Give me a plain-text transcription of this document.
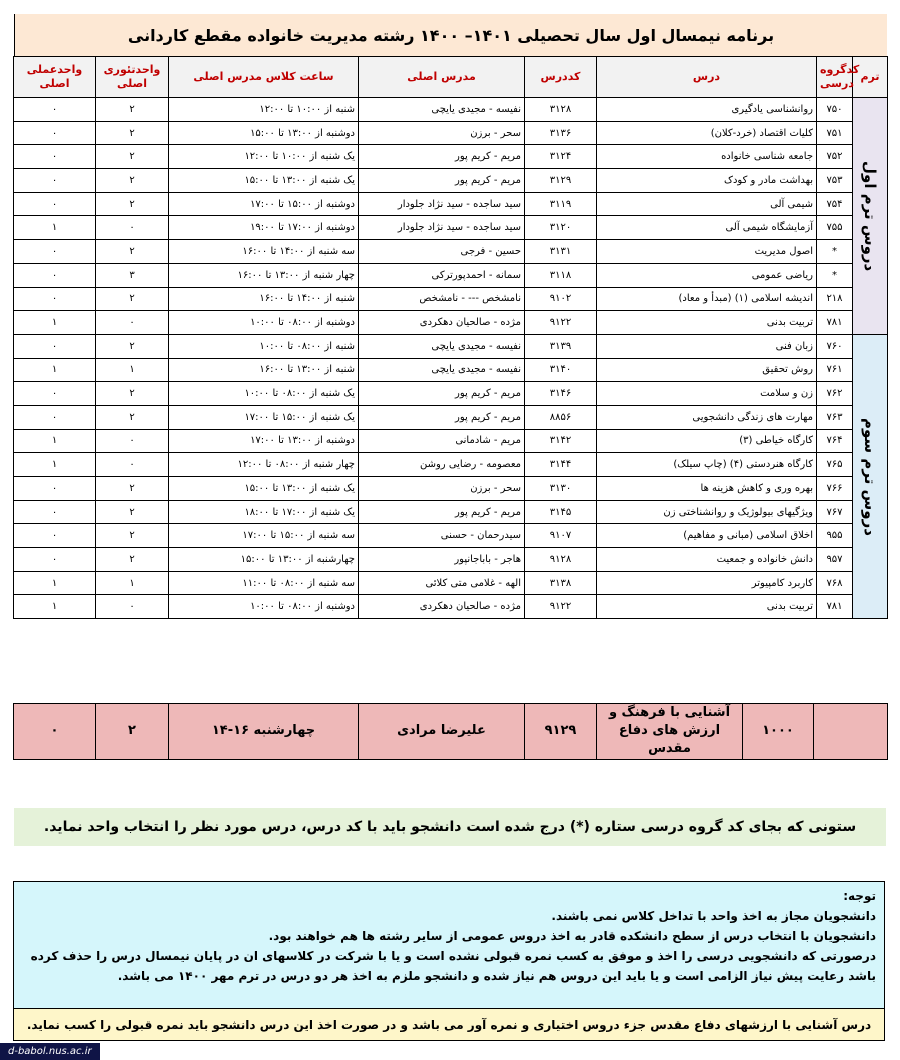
برنامه نیمسال اول سال تحصیلی ۱۴۰۱– ۱۴۰۰ رشته مدیریت خانواده مقطع کاردانی
واحدعملی اصلی	واحدتئوری اصلی	ساعت کلاس مدرس اصلی	مدرس اصلی	کددرس	درس	کدگروه درسی	ترم
۰	۲	شنبه از ۱۰:۰۰ تا ۱۲:۰۰	نفیسه - مجیدی یایچی	۳۱۲۸	روانشناسی یادگیری	۷۵۰	دروس ترم اول

۰	۲	دوشنبه از ۱۳:۰۰ تا ۱۵:۰۰	سحر - برزن	۳۱۳۶	کلیات اقتصاد (خرد-کلان)	۷۵۱	
۰	۲	یک شنبه از ۱۰:۰۰ تا ۱۲:۰۰	مریم - کریم پور	۳۱۲۴	جامعه شناسی خانواده	۷۵۲	
۰	۲	یک شنبه از ۱۳:۰۰ تا ۱۵:۰۰	مریم - کریم پور	۳۱۲۹	بهداشت مادر و کودک	۷۵۳	
۰	۲	دوشنبه از ۱۵:۰۰ تا ۱۷:۰۰	سید ساجده - سید نژاد جلودار	۳۱۱۹	شیمی آلی	۷۵۴	
۱	۰	دوشنبه از ۱۷:۰۰ تا ۱۹:۰۰	سید ساجده - سید نژاد جلودار	۳۱۲۰	آزمایشگاه شیمی آلی	۷۵۵	
۰	۲	سه شنبه از ۱۴:۰۰ تا ۱۶:۰۰	حسین - فرجی	۳۱۳۱	اصول مدیریت	*	
۰	۳	چهار شنبه از ۱۳:۰۰ تا ۱۶:۰۰	سمانه - احمدپورترکی	۳۱۱۸	ریاضی عمومی	*	
۰	۲	شنبه از ۱۴:۰۰ تا ۱۶:۰۰	نامشخص --- - نامشخص	۹۱۰۲	اندیشه اسلامی (۱) (مبدأ و معاد)	۲۱۸	
۱	۰	دوشنبه از ۰۸:۰۰ تا ۱۰:۰۰	مژده - صالحیان دهکردی	۹۱۲۲	تربیت بدنی	۷۸۱	
۰	۲	شنبه از ۰۸:۰۰ تا ۱۰:۰۰	نفیسه - مجیدی یایچی	۳۱۳۹	زبان فنی	۷۶۰	دروس ترم سوم

۱	۱	شنبه از ۱۳:۰۰ تا ۱۶:۰۰	نفیسه - مجیدی یایچی	۳۱۴۰	روش تحقیق	۷۶۱	
۰	۲	یک شنبه از ۰۸:۰۰ تا ۱۰:۰۰	مریم - کریم پور	۳۱۴۶	زن و سلامت	۷۶۲	
۰	۲	یک شنبه از ۱۵:۰۰ تا ۱۷:۰۰	مریم - کریم پور	۸۸۵۶	مهارت های زندگی دانشجویی	۷۶۳	
۱	۰	دوشنبه از ۱۳:۰۰ تا ۱۷:۰۰	مریم - شادمانی	۳۱۴۲	کارگاه خیاطی (۳)	۷۶۴	
۱	۰	چهار شنبه از ۰۸:۰۰ تا ۱۲:۰۰	معصومه - رضایی روشن	۳۱۴۴	کارگاه هنردستی (۴) (چاپ سیلک)	۷۶۵	
۰	۲	یک شنبه از ۱۳:۰۰ تا ۱۵:۰۰	سحر - برزن	۳۱۳۰	بهره وری و کاهش هزینه ها	۷۶۶	
۰	۲	یک شنبه از ۱۷:۰۰ تا ۱۸:۰۰	مریم - کریم پور	۳۱۴۵	ویژگیهای بیولوژیک و روانشناختی زن	۷۶۷	
۰	۲	سه شنبه از ۱۵:۰۰ تا ۱۷:۰۰	سیدرحمان - حسنی	۹۱۰۷	اخلاق اسلامی (مبانی و مفاهیم)	۹۵۵	
۰	۲	چهارشنبه از ۱۳:۰۰ تا ۱۵:۰۰	هاجر - باباجانپور	۹۱۲۸	دانش خانواده و جمعیت	۹۵۷	
۱	۱	سه شنبه از ۰۸:۰۰ تا ۱۱:۰۰	الهه - غلامی متی کلائی	۳۱۳۸	کاربرد کامپیوتر	۷۶۸	
۱	۰	دوشنبه از ۰۸:۰۰ تا ۱۰:۰۰	مژده - صالحیان دهکردی	۹۱۲۲	تربیت بدنی	۷۸۱	
۰	۲	چهارشنبه ۱۶-۱۴	علیرضا مرادی	۹۱۲۹	آشنایی با فرهنگ و ارزش های دفاع مقدس	۱۰۰۰	
ستونی که بجای کد گروه درسی ستاره (*) درج شده است دانشجو باید با کد درس، درس مورد نظر را انتخاب واحد نماید.
توجه:
دانشجویان مجاز به اخذ واحد با تداخل کلاس نمی باشند.
دانشجویان با انتخاب درس از سطح دانشکده قادر به اخذ دروس عمومی از سایر رشته ها هم خواهند بود.
درصورتی که دانشجویی درسی را اخذ و موفق به کسب نمره قبولی نشده است و یا با شرکت در کلاسهای ان در پایان نیمسال درس را حذف کرده
باشد رعایت پیش نیاز الزامی است و یا باید این دروس هم نیاز شده و دانشجو ملزم به اخذ هر دو درس در ترم مهر ۱۴۰۰ می باشد.
درس آشنایی با ارزشهای دفاع مقدس جزء دروس اختیاری و نمره آور می باشد و در صورت اخذ این درس دانشجو باید نمره قبولی را کسب نماید.
d-babol.nus.ac.ir
